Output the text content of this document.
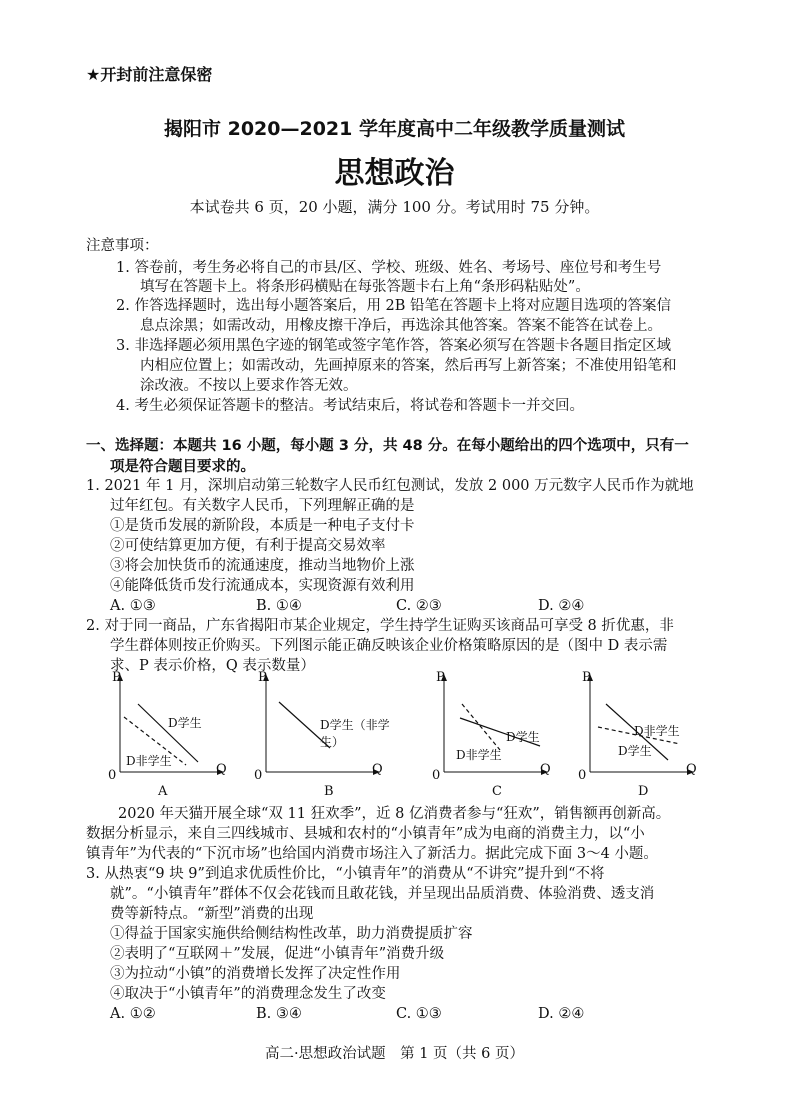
★开封前注意保密
揭阳市 2020—2021 学年度高中二年级教学质量测试
思想政治
本试卷共 6 页，20 小题，满分 100 分。考试用时 75 分钟。
注意事项：
1. 答卷前，考生务必将自己的市县/区、学校、班级、姓名、考场号、座位号和考生号
填写在答题卡上。将条形码横贴在每张答题卡右上角“条形码粘贴处”。
2. 作答选择题时，选出每小题答案后，用 2B 铅笔在答题卡上将对应题目选项的答案信
息点涂黑；如需改动，用橡皮擦干净后，再选涂其他答案。答案不能答在试卷上。
3. 非选择题必须用黑色字迹的钢笔或签字笔作答，答案必须写在答题卡各题目指定区域
内相应位置上；如需改动，先画掉原来的答案，然后再写上新答案；不准使用铅笔和
涂改液。不按以上要求作答无效。
4. 考生必须保证答题卡的整洁。考试结束后，将试卷和答题卡一并交回。
一、选择题：本题共 16 小题，每小题 3 分，共 48 分。在每小题给出的四个选项中，只有一
项是符合题目要求的。
1. 2021 年 1 月，深圳启动第三轮数字人民币红包测试，发放 2 000 万元数字人民币作为就地
过年红包。有关数字人民币，下列理解正确的是
①是货币发展的新阶段，本质是一种电子支付卡
②可使结算更加方便，有利于提高交易效率
③将会加快货币的流通速度，推动当地物价上涨
④能降低货币发行流通成本，实现资源有效利用
A. ①③	B. ①④	C. ②③	D. ②④
2. 对于同一商品，广东省揭阳市某企业规定，学生持学生证购买该商品可享受 8 折优惠，非
学生群体则按正价购买。下列图示能正确反映该企业价格策略原因的是（图中 D 表示需
求、P 表示价格，Q 表示数量）
P
Q
0
D学生
D非学生
A
P
Q
0
D学生（非学生）
B
P
Q
0
D学生
D非学生
C
P
Q
0
D非学生
D学生
D
2020 年天猫开展全球“双 11 狂欢季”，近 8 亿消费者参与“狂欢”，销售额再创新高。
数据分析显示，来自三四线城市、县城和农村的“小镇青年”成为电商的消费主力，以“小
镇青年”为代表的“下沉市场”也给国内消费市场注入了新活力。据此完成下面 3～4 小题。
3. 从热衷“9 块 9”到追求优质性价比，“小镇青年”的消费从“不讲究”提升到“不将
就”。“小镇青年”群体不仅会花钱而且敢花钱，并呈现出品质消费、体验消费、透支消
费等新特点。“新型”消费的出现
①得益于国家实施供给侧结构性改革，助力消费提质扩容
②表明了“互联网＋”发展，促进“小镇青年”消费升级
③为拉动“小镇”的消费增长发挥了决定性作用
④取决于“小镇青年”的消费理念发生了改变
A. ①②	B. ③④	C. ①③	D. ②④
高二·思想政治试题　第 1 页（共 6 页）
